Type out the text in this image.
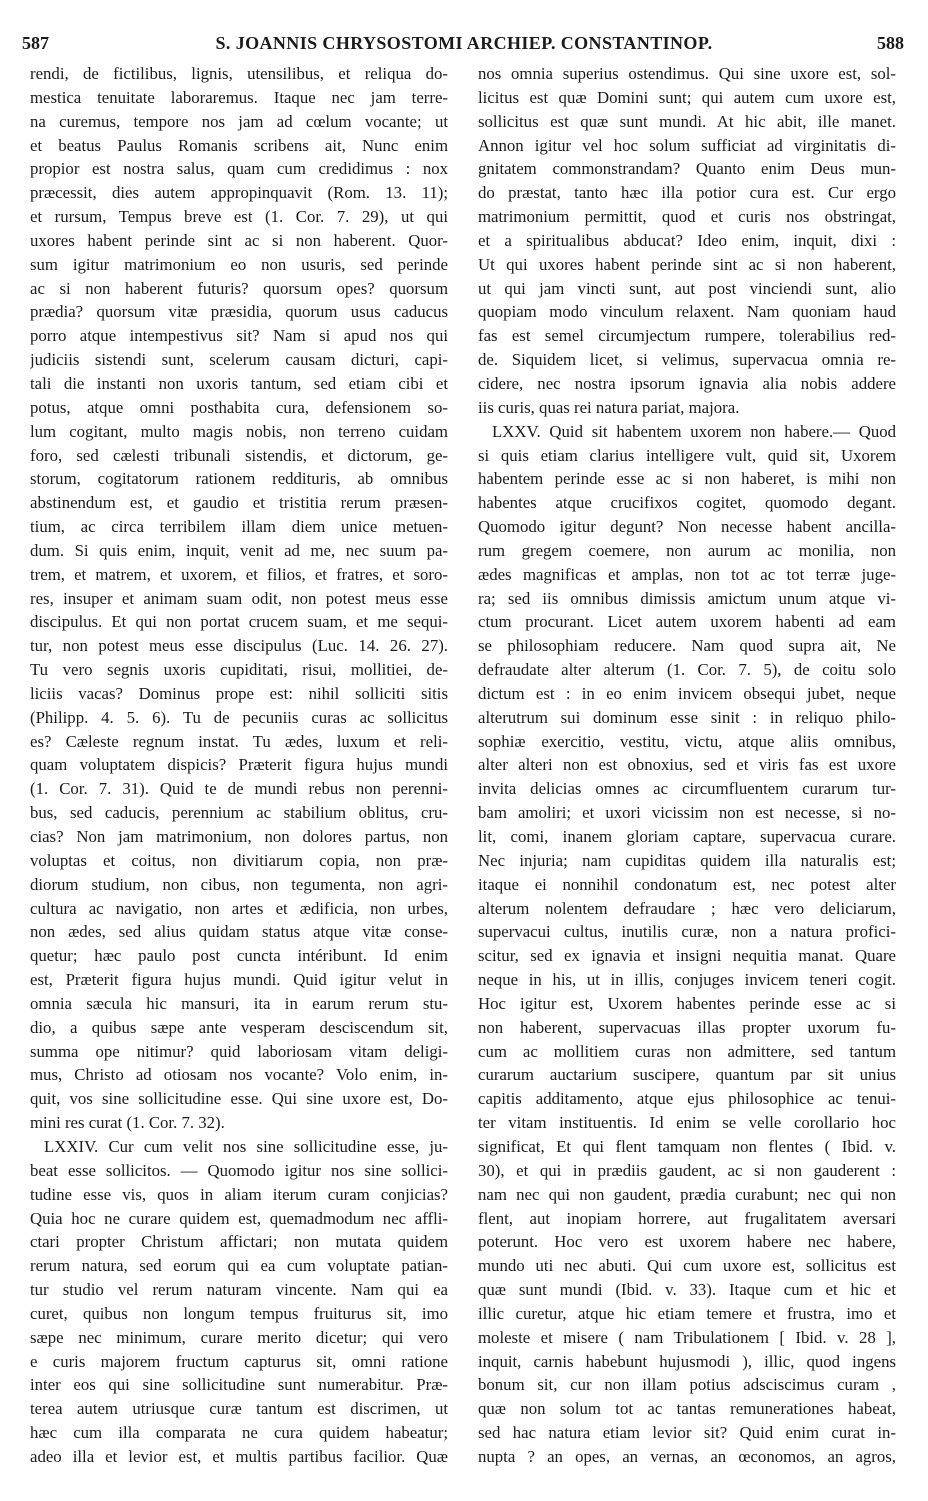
587	S. JOANNIS CHRYSOSTOMI ARCHIEP. CONSTANTINOP.	588
rendi, de fictilibus, lignis, utensilibus, et reliqua do-
mestica tenuitate laboraremus. Itaque nec jam terre-
na curemus, tempore nos jam ad cœlum vocante; ut
et beatus Paulus Romanis scribens ait, Nunc enim
propior est nostra salus, quam cum credidimus : nox
præcessit, dies autem appropinquavit (Rom. 13. 11);
et rursum, Tempus breve est (1. Cor. 7. 29), ut qui
uxores habent perinde sint ac si non haberent. Quor-
sum igitur matrimonium eo non usuris, sed perinde
ac si non haberent futuris? quorsum opes? quorsum
prædia? quorsum vitæ præsidia, quorum usus caducus
porro atque intempestivus sit? Nam si apud nos qui
judiciis sistendi sunt, scelerum causam dicturi, capi-
tali die instanti non uxoris tantum, sed etiam cibi et
potus, atque omni posthabita cura, defensionem so-
lum cogitant, multo magis nobis, non terreno cuidam
foro, sed cælesti tribunali sistendis, et dictorum, ge-
storum, cogitatorum rationem reddituris, ab omnibus
abstinendum est, et gaudio et tristitia rerum præsen-
tium, ac circa terribilem illam diem unice metuen-
dum. Si quis enim, inquit, venit ad me, nec suum pa-
trem, et matrem, et uxorem, et filios, et fratres, et soro-
res, insuper et animam suam odit, non potest meus esse
discipulus. Et qui non portat crucem suam, et me sequi-
tur, non potest meus esse discipulus (Luc. 14. 26. 27).
Tu vero segnis uxoris cupiditati, risui, mollitiei, de-
liciis vacas? Dominus prope est: nihil solliciti sitis
(Philipp. 4. 5. 6). Tu de pecuniis curas ac sollicitus
es? Cæleste regnum instat. Tu ædes, luxum et reli-
quam voluptatem dispicis? Præterit figura hujus mundi
(1. Cor. 7. 31). Quid te de mundi rebus non perenni-
bus, sed caducis, perennium ac stabilium oblitus, cru-
cias? Non jam matrimonium, non dolores partus, non
voluptas et coitus, non divitiarum copia, non præ-
diorum studium, non cibus, non tegumenta, non agri-
cultura ac navigatio, non artes et ædificia, non urbes,
non ædes, sed alius quidam status atque vitæ conse-
quetur; hæc paulo post cuncta intéribunt. Id enim
est, Præterit figura hujus mundi. Quid igitur velut in
omnia sæcula hic mansuri, ita in earum rerum stu-
dio, a quibus sæpe ante vesperam desciscendum sit,
summa ope nitimur? quid laboriosam vitam deligi-
mus, Christo ad otiosam nos vocante? Volo enim, in-
quit, vos sine sollicitudine esse. Qui sine uxore est, Do-
mini res curat (1. Cor. 7. 32).
LXXIV. Cur cum velit nos sine sollicitudine esse, ju-
beat esse sollicitos. — Quomodo igitur nos sine sollici-
tudine esse vis, quos in aliam iterum curam conjicias?
Quia hoc ne curare quidem est, quemadmodum nec affli-
ctari propter Christum affictari; non mutata quidem
rerum natura, sed eorum qui ea cum voluptate patian-
tur studio vel rerum naturam vincente. Nam qui ea
curet, quibus non longum tempus fruiturus sit, imo
sæpe nec minimum, curare merito dicetur; qui vero
e curis majorem fructum capturus sit, omni ratione
inter eos qui sine sollicitudine sunt numerabitur. Præ-
terea autem utriusque curæ tantum est discrimen, ut
hæc cum illa comparata ne cura quidem habeatur;
adeo illa et levior est, et multis partibus facilior. Quæ
nos omnia superius ostendimus. Qui sine uxore est, sol-
licitus est quæ Domini sunt; qui autem cum uxore est,
sollicitus est quæ sunt mundi. At hic abit, ille manet.
Annon igitur vel hoc solum sufficiat ad virginitatis di-
gnitatem commonstrandam? Quanto enim Deus mun-
do præstat, tanto hæc illa potior cura est. Cur ergo
matrimonium permittit, quod et curis nos obstringat,
et a spiritualibus abducat? Ideo enim, inquit, dixi :
Ut qui uxores habent perinde sint ac si non haberent,
ut qui jam vincti sunt, aut post vinciendi sunt, alio
quopiam modo vinculum relaxent. Nam quoniam haud
fas est semel circumjectum rumpere, tolerabilius red-
de. Siquidem licet, si velimus, supervacua omnia re-
cidere, nec nostra ipsorum ignavia alia nobis addere
iis curis, quas rei natura pariat, majora.
LXXV. Quid sit habentem uxorem non habere.— Quod
si quis etiam clarius intelligere vult, quid sit, Uxorem
habentem perinde esse ac si non haberet, is mihi non
habentes atque crucifixos cogitet, quomodo degant.
Quomodo igitur degunt? Non necesse habent ancilla-
rum gregem coemere, non aurum ac monilia, non
ædes magnificas et amplas, non tot ac tot terræ juge-
ra; sed iis omnibus dimissis amictum unum atque vi-
ctum procurant. Licet autem uxorem habenti ad eam
se philosophiam reducere. Nam quod supra ait, Ne
defraudate alter alterum (1. Cor. 7. 5), de coitu solo
dictum est : in eo enim invicem obsequi jubet, neque
alterutrum sui dominum esse sinit : in reliquo philo-
sophiæ exercitio, vestitu, victu, atque aliis omnibus,
alter alteri non est obnoxius, sed et viris fas est uxore
invita delicias omnes ac circumfluentem curarum tur-
bam amoliri; et uxori vicissim non est necesse, si no-
lit, comi, inanem gloriam captare, supervacua curare.
Nec injuria; nam cupiditas quidem illa naturalis est;
itaque ei nonnihil condonatum est, nec potest alter
alterum nolentem defraudare ; hæc vero deliciarum,
supervacui cultus, inutilis curæ, non a natura profici-
scitur, sed ex ignavia et insigni nequitia manat. Quare
neque in his, ut in illis, conjuges invicem teneri cogit.
Hoc igitur est, Uxorem habentes perinde esse ac si
non haberent, supervacuas illas propter uxorum fu-
cum ac mollitiem curas non admittere, sed tantum
curarum auctarium suscipere, quantum par sit unius
capitis additamento, atque ejus philosophice ac tenui-
ter vitam instituentis. Id enim se velle corollario hoc
significat, Et qui flent tamquam non flentes ( Ibid. v.
30), et qui in prædiis gaudent, ac si non gauderent :
nam nec qui non gaudent, prædia curabunt; nec qui non
flent, aut inopiam horrere, aut frugalitatem aversari
poterunt. Hoc vero est uxorem habere nec habere,
mundo uti nec abuti. Qui cum uxore est, sollicitus est
quæ sunt mundi (Ibid. v. 33). Itaque cum et hic et
illic curetur, atque hic etiam temere et frustra, imo et
moleste et misere ( nam Tribulationem [ Ibid. v. 28 ],
inquit, carnis habebunt hujusmodi ), illic, quod ingens
bonum sit, cur non illam potius adsciscimus curam ,
quæ non solum tot ac tantas remunerationes habeat,
sed hac natura etiam levior sit? Quid enim curat in-
nupta ? an opes, an vernas, an œconomos, an agros,
